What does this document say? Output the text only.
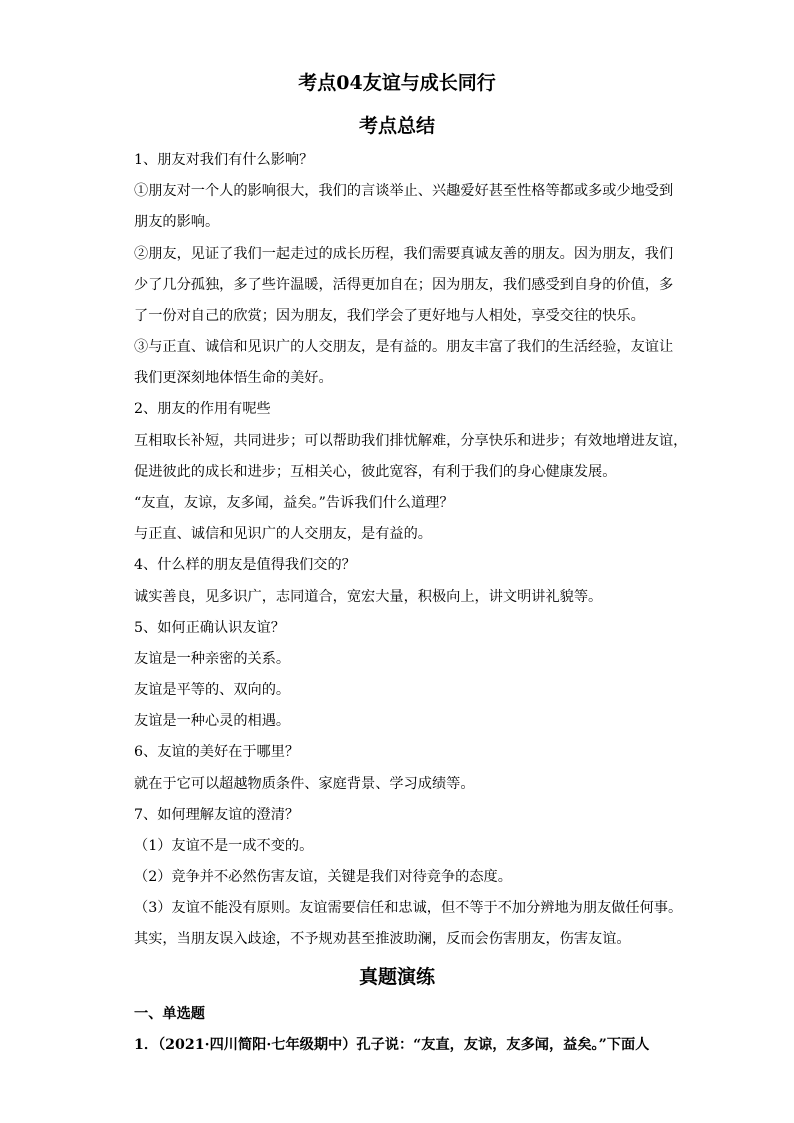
考点04友谊与成长同行
考点总结
1、朋友对我们有什么影响？
①朋友对一个人的影响很大，我们的言谈举止、兴趣爱好甚至性格等都或多或少地受到
朋友的影响。
②朋友，见证了我们一起走过的成长历程，我们需要真诚友善的朋友。因为朋友，我们
少了几分孤独，多了些许温暖，活得更加自在；因为朋友，我们感受到自身的价值，多
了一份对自己的欣赏；因为朋友，我们学会了更好地与人相处，享受交往的快乐。
③与正直、诚信和见识广的人交朋友，是有益的。朋友丰富了我们的生活经验，友谊让
我们更深刻地体悟生命的美好。
2、朋友的作用有呢些
互相取长补短，共同进步；可以帮助我们排忧解难，分享快乐和进步；有效地增进友谊，
促进彼此的成长和进步；互相关心，彼此宽容，有利于我们的身心健康发展。
“友直，友谅，友多闻，益矣。”告诉我们什么道理？
与正直、诚信和见识广的人交朋友，是有益的。
4、什么样的朋友是值得我们交的？
诚实善良，见多识广，志同道合，宽宏大量，积极向上，讲文明讲礼貌等。
5、如何正确认识友谊？
友谊是一种亲密的关系。
友谊是平等的、双向的。
友谊是一种心灵的相遇。
6、友谊的美好在于哪里？
就在于它可以超越物质条件、家庭背景、学习成绩等。
7、如何理解友谊的澄清？
（1）友谊不是一成不变的。
（2）竞争并不必然伤害友谊，关键是我们对待竞争的态度。
（3）友谊不能没有原则。友谊需要信任和忠诚，但不等于不加分辨地为朋友做任何事。
其实，当朋友误入歧途，不予规劝甚至推波助澜，反而会伤害朋友，伤害友谊。
真题演练
一、单选题
1．（2021·四川简阳·七年级期中）孔子说：“友直，友谅，友多闻，益矣。”下面人
